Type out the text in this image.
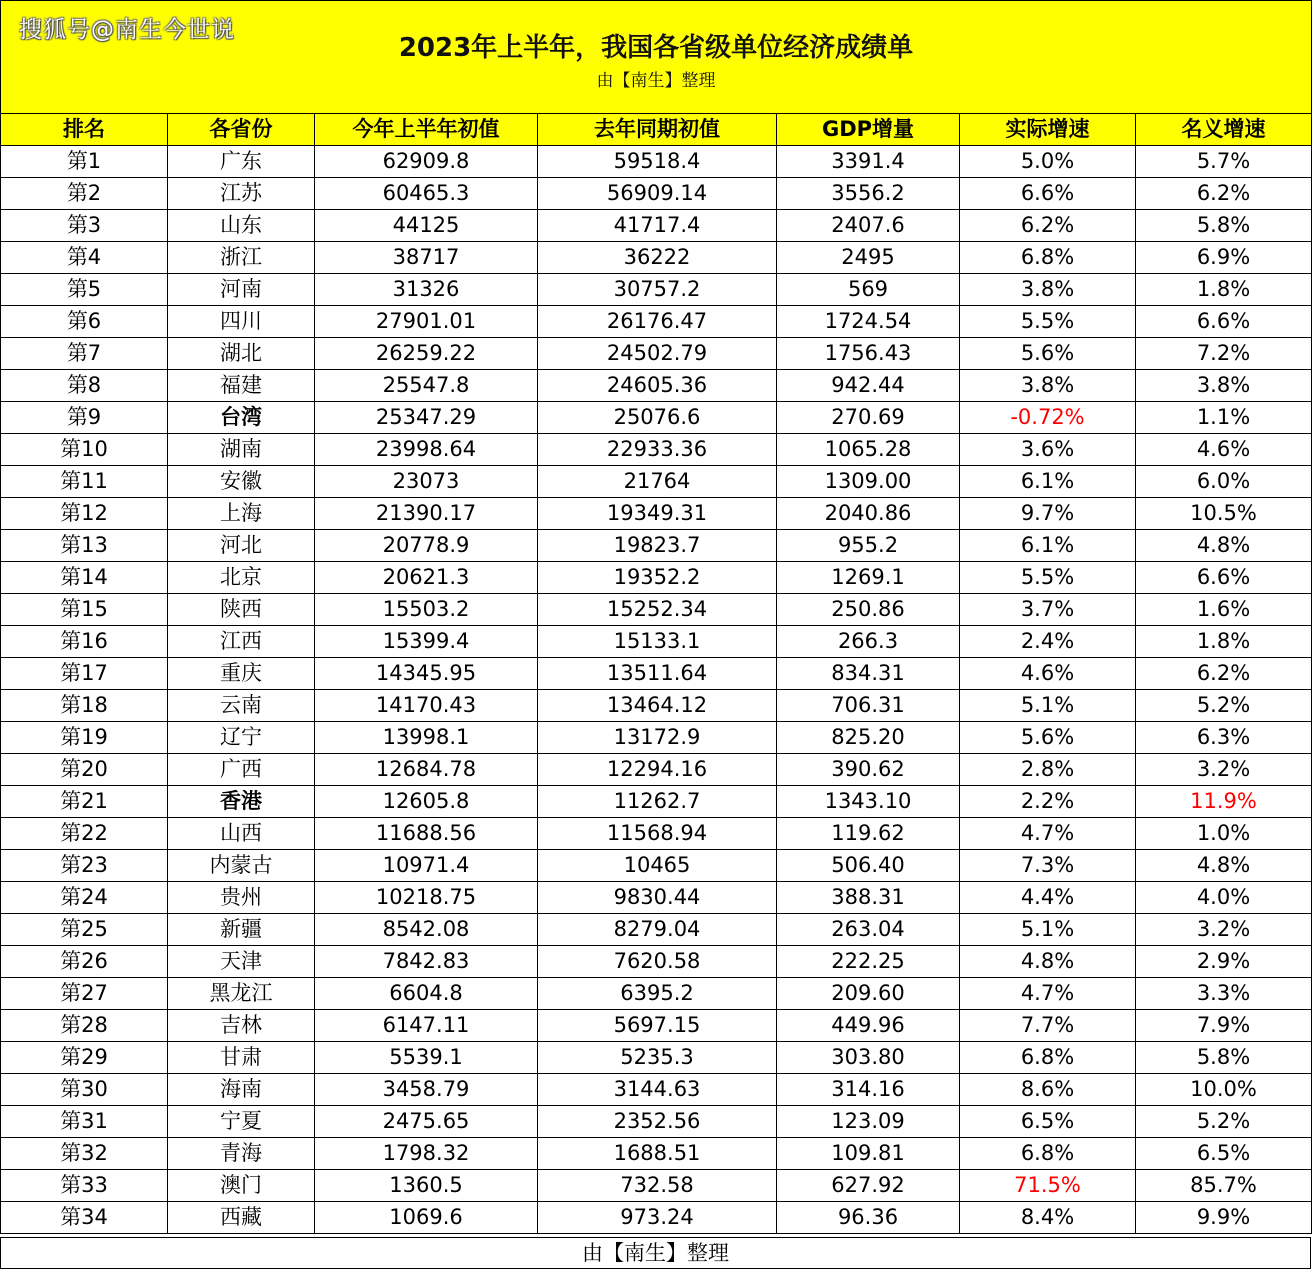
搜狐号@南生今世说
2023年上半年，我国各省级单位经济成绩单
由【南生】整理
排名	各省份	今年上半年初值	去年同期初值	GDP增量	实际增速	名义增速
第1	广东	62909.8	59518.4	3391.4	5.0%	5.7%
第2	江苏	60465.3	56909.14	3556.2	6.6%	6.2%
第3	山东	44125	41717.4	2407.6	6.2%	5.8%
第4	浙江	38717	36222	2495	6.8%	6.9%
第5	河南	31326	30757.2	569	3.8%	1.8%
第6	四川	27901.01	26176.47	1724.54	5.5%	6.6%
第7	湖北	26259.22	24502.79	1756.43	5.6%	7.2%
第8	福建	25547.8	24605.36	942.44	3.8%	3.8%
第9	台湾	25347.29	25076.6	270.69	-0.72%	1.1%
第10	湖南	23998.64	22933.36	1065.28	3.6%	4.6%
第11	安徽	23073	21764	1309.00	6.1%	6.0%
第12	上海	21390.17	19349.31	2040.86	9.7%	10.5%
第13	河北	20778.9	19823.7	955.2	6.1%	4.8%
第14	北京	20621.3	19352.2	1269.1	5.5%	6.6%
第15	陕西	15503.2	15252.34	250.86	3.7%	1.6%
第16	江西	15399.4	15133.1	266.3	2.4%	1.8%
第17	重庆	14345.95	13511.64	834.31	4.6%	6.2%
第18	云南	14170.43	13464.12	706.31	5.1%	5.2%
第19	辽宁	13998.1	13172.9	825.20	5.6%	6.3%
第20	广西	12684.78	12294.16	390.62	2.8%	3.2%
第21	香港	12605.8	11262.7	1343.10	2.2%	11.9%
第22	山西	11688.56	11568.94	119.62	4.7%	1.0%
第23	内蒙古	10971.4	10465	506.40	7.3%	4.8%
第24	贵州	10218.75	9830.44	388.31	4.4%	4.0%
第25	新疆	8542.08	8279.04	263.04	5.1%	3.2%
第26	天津	7842.83	7620.58	222.25	4.8%	2.9%
第27	黑龙江	6604.8	6395.2	209.60	4.7%	3.3%
第28	吉林	6147.11	5697.15	449.96	7.7%	7.9%
第29	甘肃	5539.1	5235.3	303.80	6.8%	5.8%
第30	海南	3458.79	3144.63	314.16	8.6%	10.0%
第31	宁夏	2475.65	2352.56	123.09	6.5%	5.2%
第32	青海	1798.32	1688.51	109.81	6.8%	6.5%
第33	澳门	1360.5	732.58	627.92	71.5%	85.7%
第34	西藏	1069.6	973.24	96.36	8.4%	9.9%
由【南生】整理
